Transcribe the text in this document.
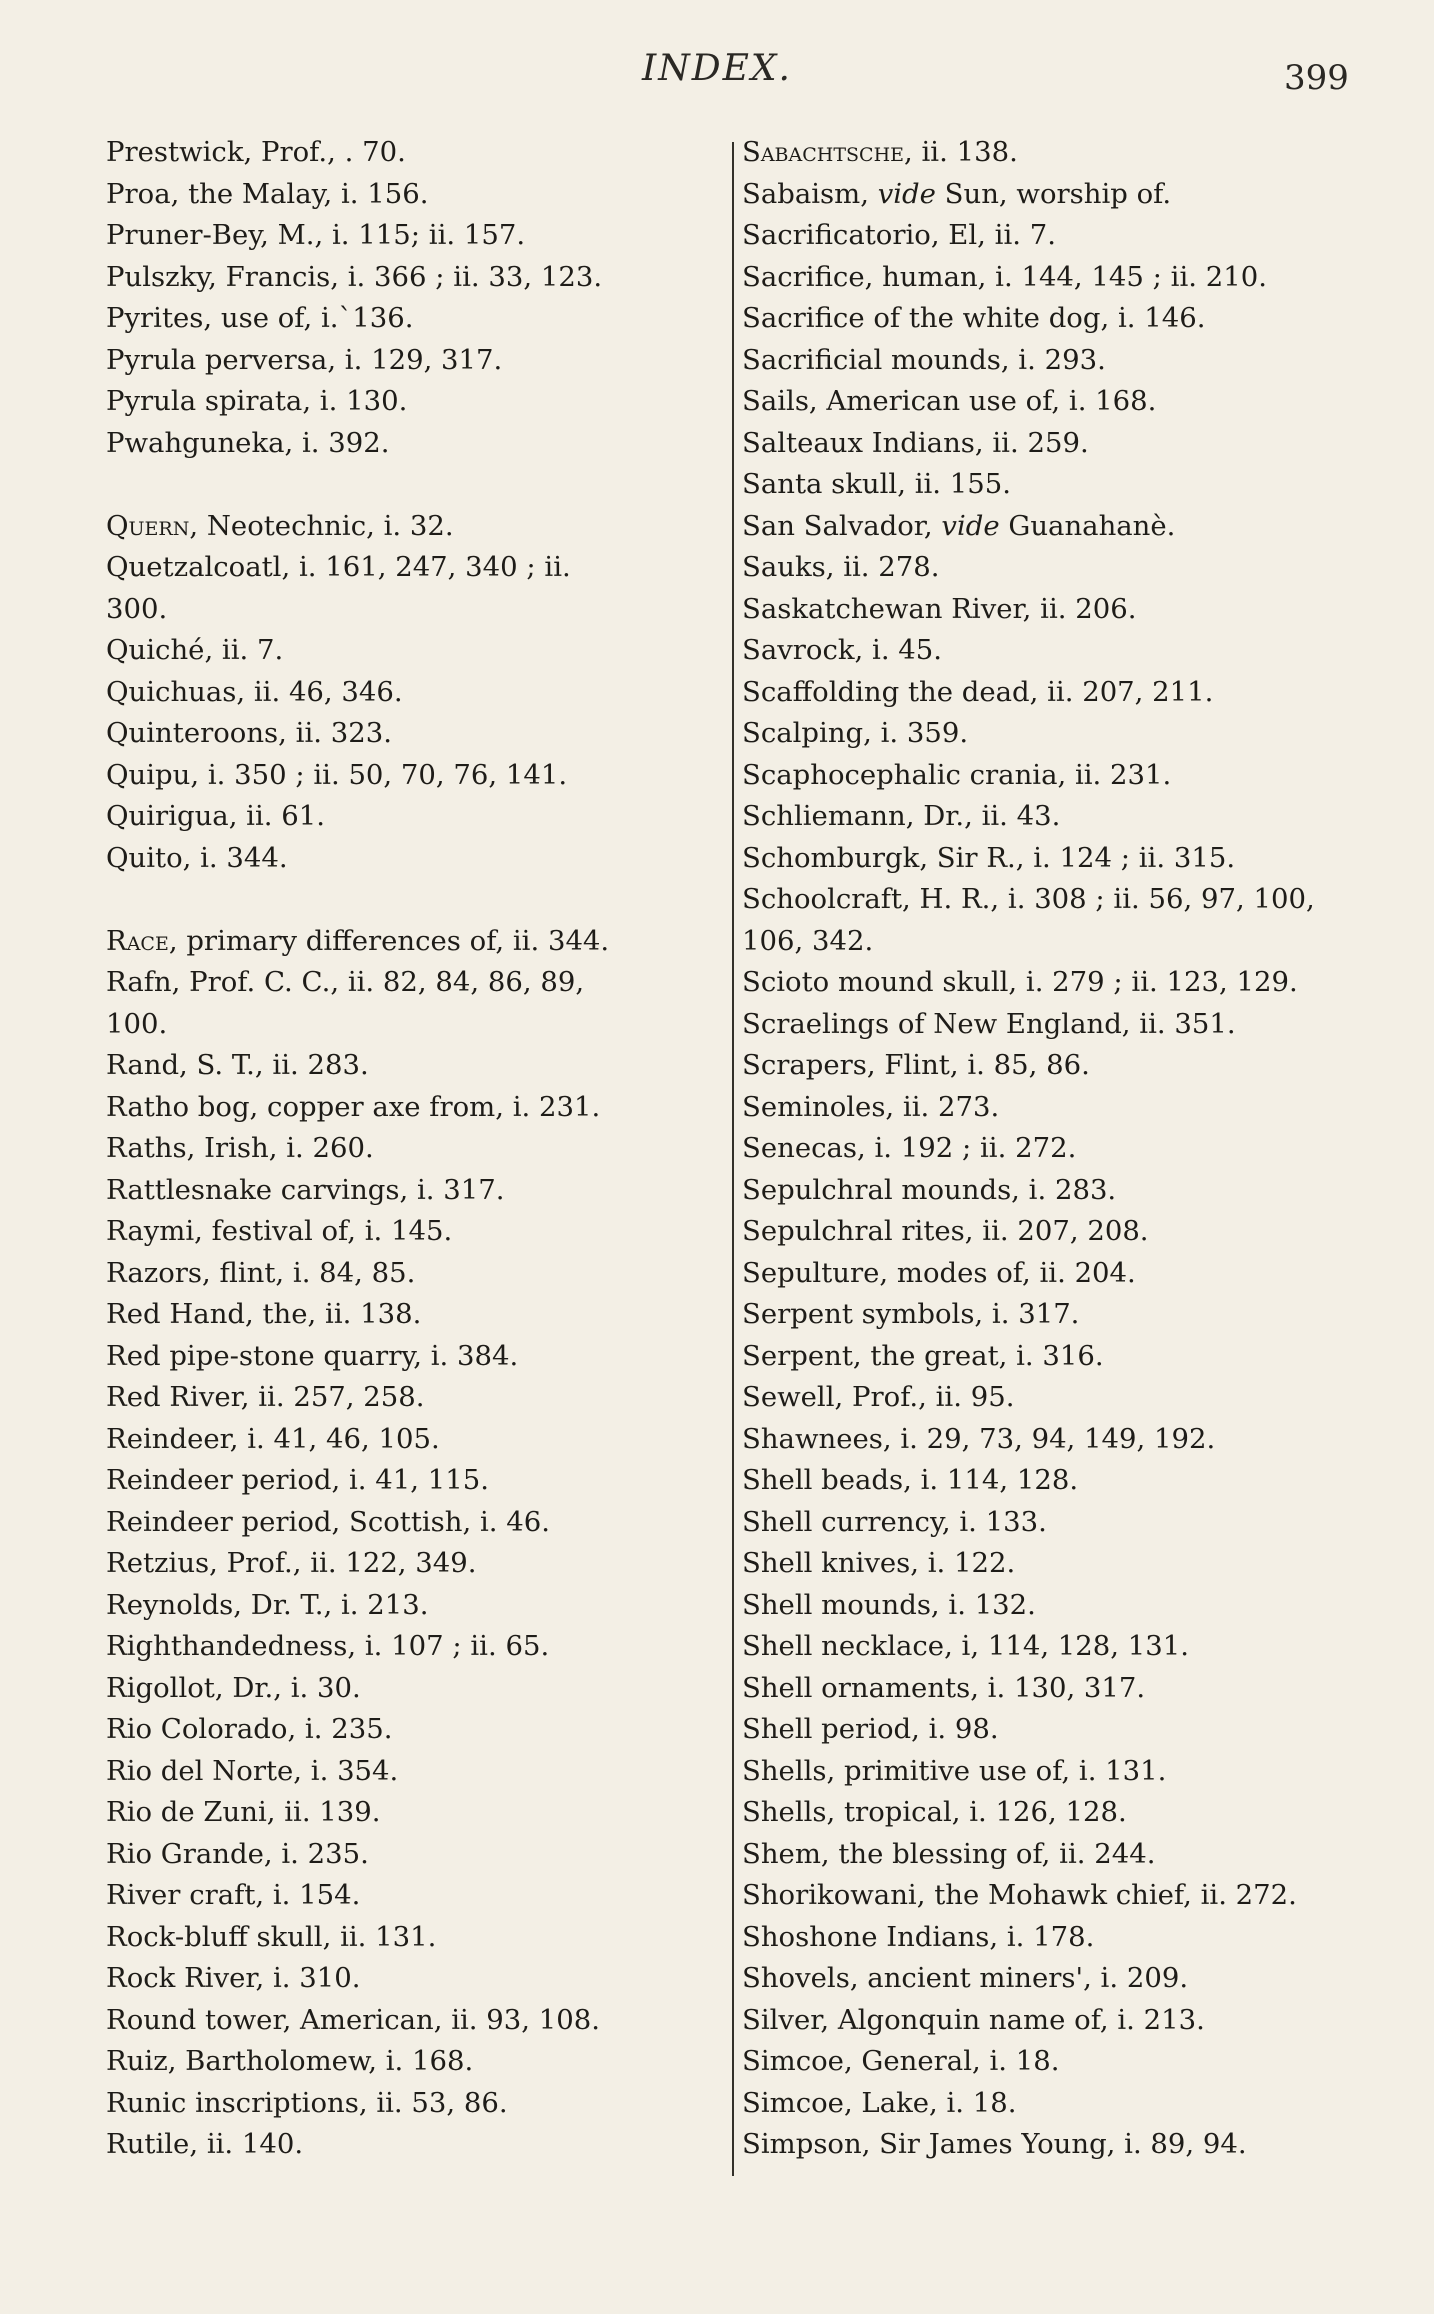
INDEX.	399
Prestwick, Prof., . 70.
Proa, the Malay, i. 156.
Pruner-Bey, M., i. 115; ii. 157.
Pulszky, Francis, i. 366 ; ii. 33, 123.
Pyrites, use of, i.`136.
Pyrula perversa, i. 129, 317.
Pyrula spirata, i. 130.
Pwahguneka, i. 392.
Quern, Neotechnic, i. 32.
Quetzalcoatl, i. 161, 247, 340 ; ii.
300.
Quiché, ii. 7.
Quichuas, ii. 46, 346.
Quinteroons, ii. 323.
Quipu, i. 350 ; ii. 50, 70, 76, 141.
Quirigua, ii. 61.
Quito, i. 344.
Race, primary differences of, ii. 344.
Rafn, Prof. C. C., ii. 82, 84, 86, 89,
100.
Rand, S. T., ii. 283.
Ratho bog, copper axe from, i. 231.
Raths, Irish, i. 260.
Rattlesnake carvings, i. 317.
Raymi, festival of, i. 145.
Razors, flint, i. 84, 85.
Red Hand, the, ii. 138.
Red pipe-stone quarry, i. 384.
Red River, ii. 257, 258.
Reindeer, i. 41, 46, 105.
Reindeer period, i. 41, 115.
Reindeer period, Scottish, i. 46.
Retzius, Prof., ii. 122, 349.
Reynolds, Dr. T., i. 213.
Righthandedness, i. 107 ; ii. 65.
Rigollot, Dr., i. 30.
Rio Colorado, i. 235.
Rio del Norte, i. 354.
Rio de Zuni, ii. 139.
Rio Grande, i. 235.
River craft, i. 154.
Rock-bluff skull, ii. 131.
Rock River, i. 310.
Round tower, American, ii. 93, 108.
Ruiz, Bartholomew, i. 168.
Runic inscriptions, ii. 53, 86.
Rutile, ii. 140.
Sabachtsche, ii. 138.
Sabaism, vide Sun, worship of.
Sacrificatorio, El, ii. 7.
Sacrifice, human, i. 144, 145 ; ii. 210.
Sacrifice of the white dog, i. 146.
Sacrificial mounds, i. 293.
Sails, American use of, i. 168.
Salteaux Indians, ii. 259.
Santa skull, ii. 155.
San Salvador, vide Guanahanè.
Sauks, ii. 278.
Saskatchewan River, ii. 206.
Savrock, i. 45.
Scaffolding the dead, ii. 207, 211.
Scalping, i. 359.
Scaphocephalic crania, ii. 231.
Schliemann, Dr., ii. 43.
Schomburgk, Sir R., i. 124 ; ii. 315.
Schoolcraft, H. R., i. 308 ; ii. 56, 97, 100,
106, 342.
Scioto mound skull, i. 279 ; ii. 123, 129.
Scraelings of New England, ii. 351.
Scrapers, Flint, i. 85, 86.
Seminoles, ii. 273.
Senecas, i. 192 ; ii. 272.
Sepulchral mounds, i. 283.
Sepulchral rites, ii. 207, 208.
Sepulture, modes of, ii. 204.
Serpent symbols, i. 317.
Serpent, the great, i. 316.
Sewell, Prof., ii. 95.
Shawnees, i. 29, 73, 94, 149, 192.
Shell beads, i. 114, 128.
Shell currency, i. 133.
Shell knives, i. 122.
Shell mounds, i. 132.
Shell necklace, i, 114, 128, 131.
Shell ornaments, i. 130, 317.
Shell period, i. 98.
Shells, primitive use of, i. 131.
Shells, tropical, i. 126, 128.
Shem, the blessing of, ii. 244.
Shorikowani, the Mohawk chief, ii. 272.
Shoshone Indians, i. 178.
Shovels, ancient miners', i. 209.
Silver, Algonquin name of, i. 213.
Simcoe, General, i. 18.
Simcoe, Lake, i. 18.
Simpson, Sir James Young, i. 89, 94.
